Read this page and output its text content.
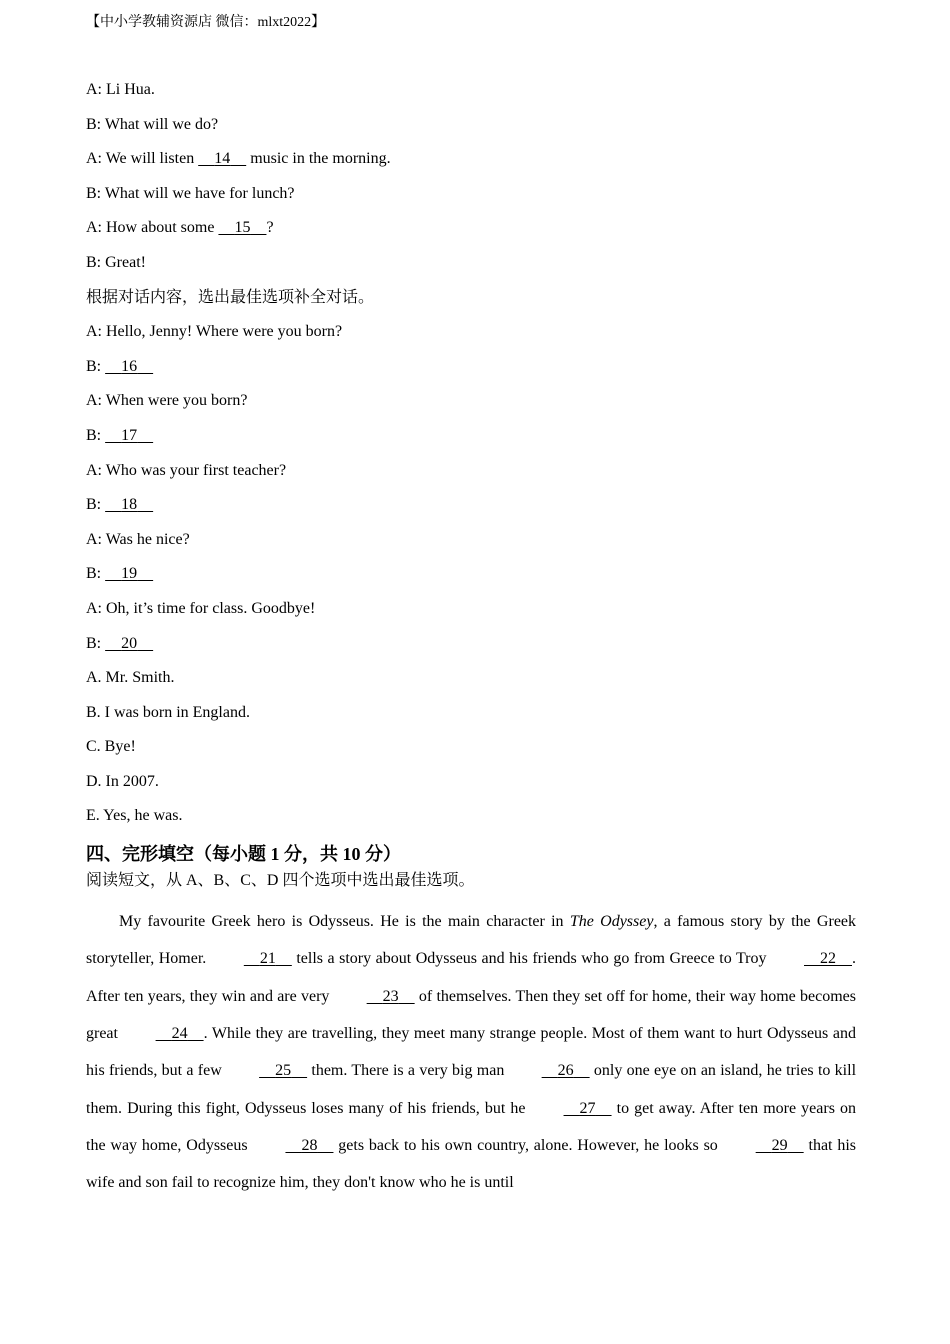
【中小学教辅资源店 微信：mlxt2022】
A: Li Hua.
B: What will we do?
A: We will listen     14     music in the morning.
B: What will we have for lunch?
A: How about some     15 ?
B: Great!
根据对话内容，选出最佳选项补全对话。
A: Hello, Jenny! Where were you born?
B:     16
A: When were you born?
B:     17
A: Who was your first teacher?
B:     18
A: Was he nice?
B:     19
A: Oh, it’s time for class. Goodbye!
B:     20
A. Mr. Smith.
B. I was born in England.
C. Bye!
D. In 2007.
E. Yes, he was.
四、完形填空（每小题 1 分，共 10 分）
阅读短文，从 A、B、C、D 四个选项中选出最佳选项。

My favourite Greek hero is Odysseus. He is the main character in The Odyssey, a famous story by the Greek storyteller, Homer.	21     tells a story about Odysseus and his friends who go from Greece to Troy	22 . After ten years, they win and are very	23     of themselves. Then they set off for home, their way home becomes great	24 . While they are travelling, they meet many strange people. Most of them want to hurt Odysseus and his friends, but a few	25     them. There is a very big man	26     only one eye on an island, he tries to kill them. During this fight, Odysseus loses many of his friends, but he	27     to get away. After ten more years on the way home, Odysseus	28     gets back to his own country, alone. However, he looks so	29     that his wife and son fail to recognize him, they don't know who he is until
